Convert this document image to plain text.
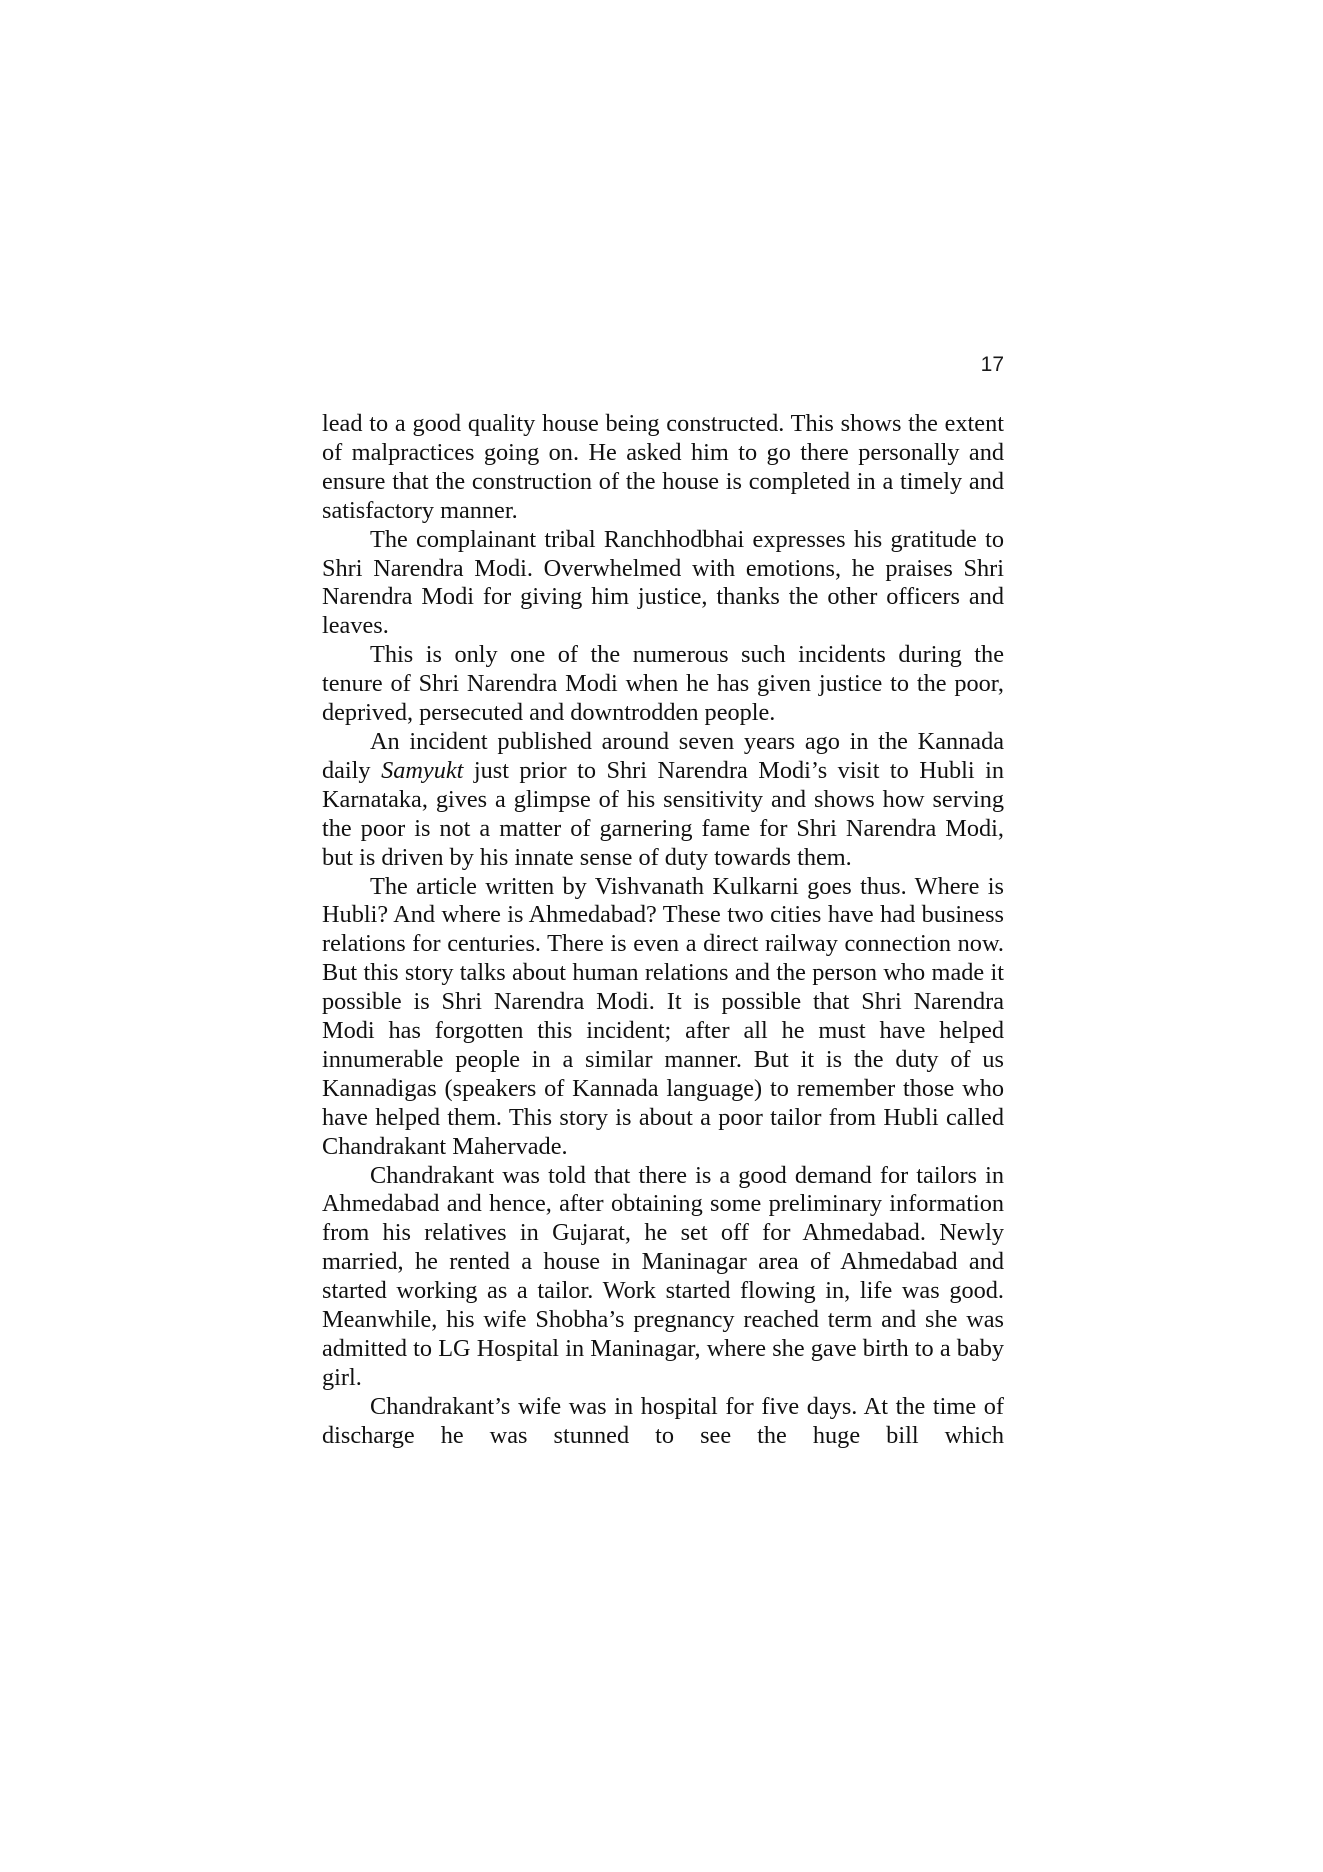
17

lead to a good quality house being constructed. This shows the extent of malpractices going on. He asked him to go there personally and ensure that the construction of the house is completed in a timely and satisfactory manner.

The complainant tribal Ranchhodbhai expresses his gratitude to Shri Narendra Modi. Overwhelmed with emotions, he praises Shri Narendra Modi for giving him justice, thanks the other officers and leaves.

This is only one of the numerous such incidents during the tenure of Shri Narendra Modi when he has given justice to the poor, deprived, persecuted and downtrodden people.

An incident published around seven years ago in the Kannada daily Samyukt just prior to Shri Narendra Modi’s visit to Hubli in Karnataka, gives a glimpse of his sensitivity and shows how serving the poor is not a matter of garnering fame for Shri Narendra Modi, but is driven by his innate sense of duty towards them.

The article written by Vishvanath Kulkarni goes thus. Where is Hubli? And where is Ahmedabad? These two cities have had business relations for centuries. There is even a direct railway connection now. But this story talks about human relations and the person who made it possible is Shri Narendra Modi. It is possible that Shri Narendra Modi has forgotten this incident; after all he must have helped innumerable people in a similar manner. But it is the duty of us Kannadigas (speakers of Kannada language) to remember those who have helped them. This story is about a poor tailor from Hubli called Chandrakant Mahervade.

Chandrakant was told that there is a good demand for tailors in Ahmedabad and hence, after obtaining some preliminary information from his relatives in Gujarat, he set off for Ahmedabad. Newly married, he rented a house in Maninagar area of Ahmedabad and started working as a tailor. Work started flowing in, life was good. Meanwhile, his wife Shobha’s pregnancy reached term and she was admitted to LG Hospital in Maninagar, where she gave birth to a baby girl.

Chandrakant’s wife was in hospital for five days. At the time of discharge he was stunned to see the huge bill which
